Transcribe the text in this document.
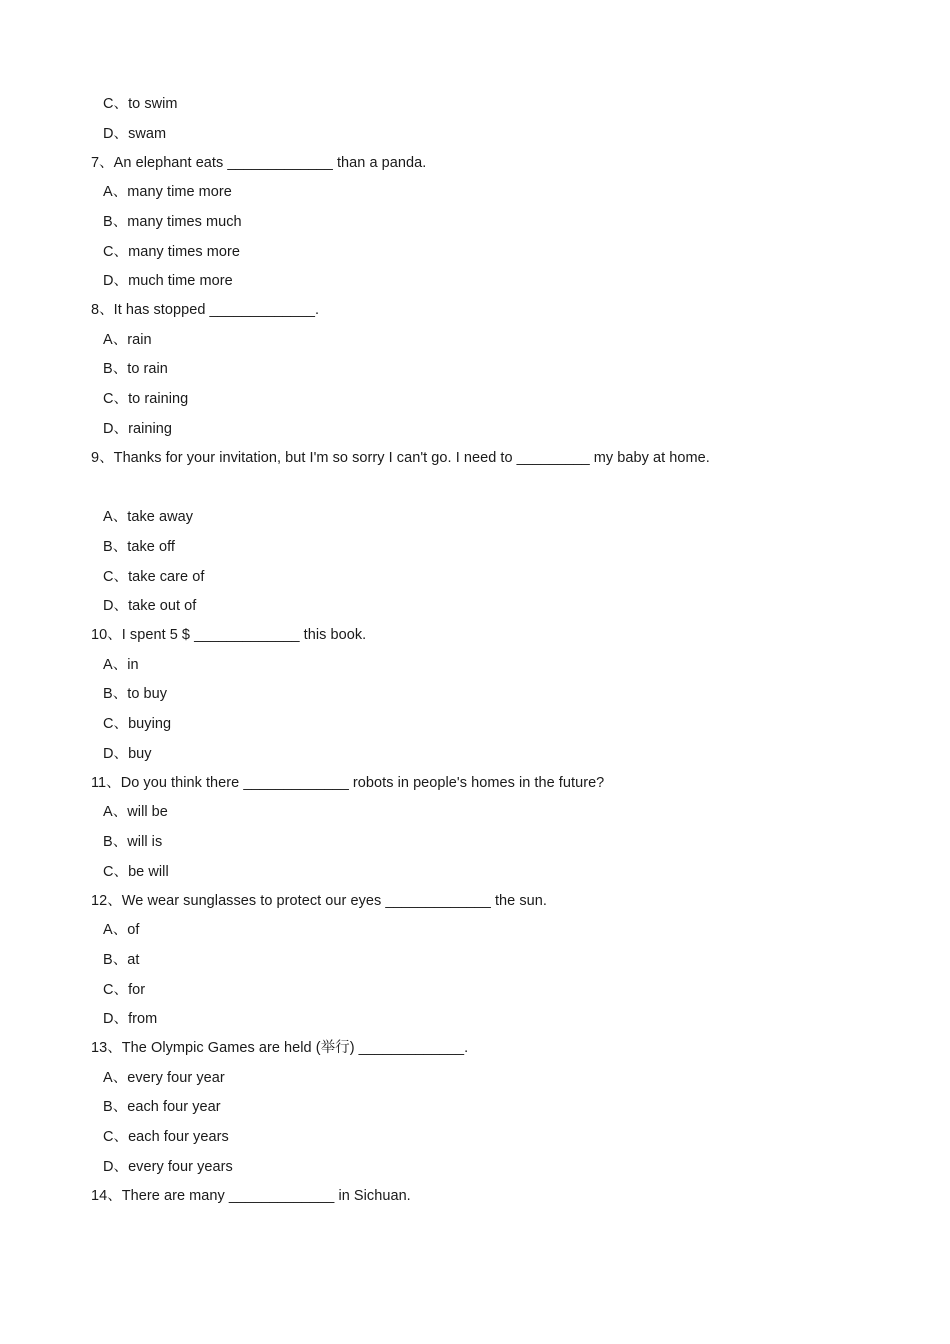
C、to swim
D、swam
7、An elephant eats _____________ than a panda.
A、many time more
B、many times much
C、many times more
D、much time more
8、It has stopped _____________.
A、rain
B、to rain
C、to raining
D、raining
9、Thanks for your invitation, but I'm so sorry I can't go. I need to _________ my baby at home.
A、take away
B、take off
C、take care of
D、take out of
10、I spent 5 $ _____________ this book.
A、in
B、to buy
C、buying
D、buy
11、Do you think there _____________ robots in people's homes in the future?
A、will be
B、will is
C、be will
12、We wear sunglasses to protect our eyes _____________ the sun.
A、of
B、at
C、for
D、from
13、The Olympic Games are held (举行) _____________.
A、every four year
B、each four year
C、each four years
D、every four years
14、There are many _____________ in Sichuan.
